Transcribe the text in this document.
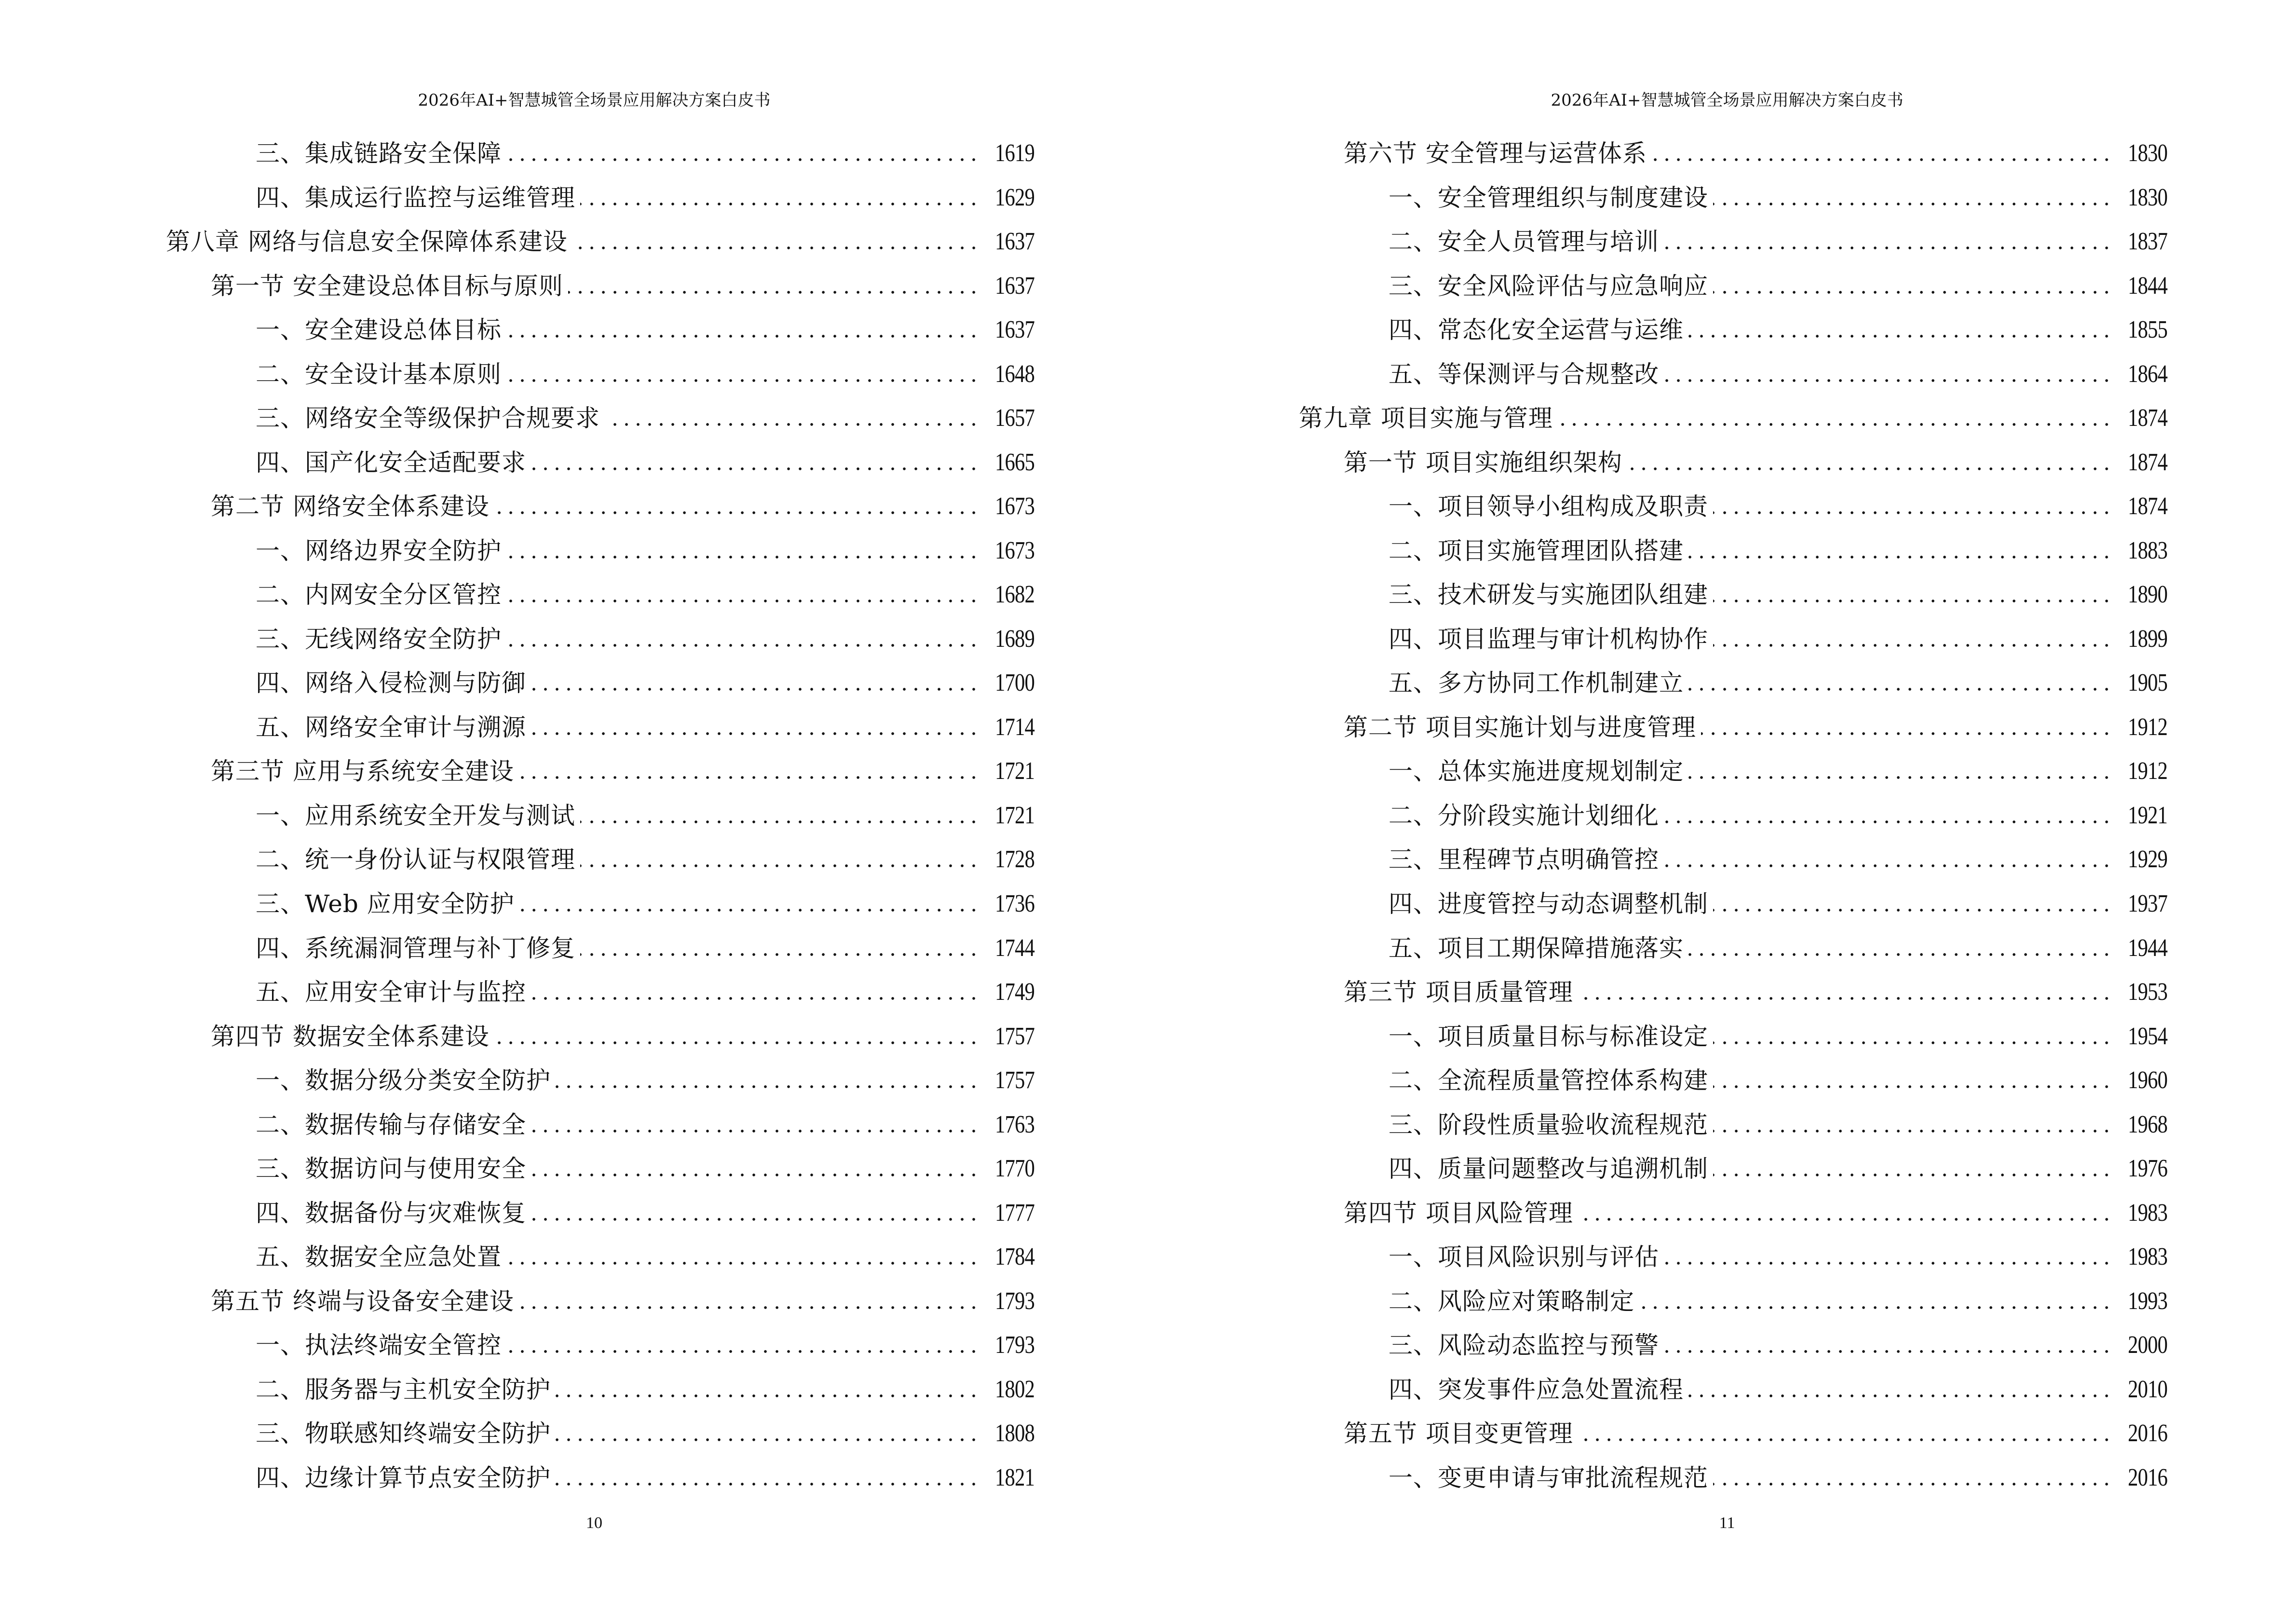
2026年AI+智慧城管全场景应用解决方案白皮书
三、集成链路安全保障	1619
四、集成运行监控与运维管理	1629
第八章 网络与信息安全保障体系建设	1637
第一节 安全建设总体目标与原则	1637
一、安全建设总体目标	1637
二、安全设计基本原则	1648
三、网络安全等级保护合规要求	1657
四、国产化安全适配要求	1665
第二节 网络安全体系建设	1673
一、网络边界安全防护	1673
二、内网安全分区管控	1682
三、无线网络安全防护	1689
四、网络入侵检测与防御	1700
五、网络安全审计与溯源	1714
第三节 应用与系统安全建设	1721
一、应用系统安全开发与测试	1721
二、统一身份认证与权限管理	1728
三、Web 应用安全防护	1736
四、系统漏洞管理与补丁修复	1744
五、应用安全审计与监控	1749
第四节 数据安全体系建设	1757
一、数据分级分类安全防护	1757
二、数据传输与存储安全	1763
三、数据访问与使用安全	1770
四、数据备份与灾难恢复	1777
五、数据安全应急处置	1784
第五节 终端与设备安全建设	1793
一、执法终端安全管控	1793
二、服务器与主机安全防护	1802
三、物联感知终端安全防护	1808
四、边缘计算节点安全防护	1821
10
2026年AI+智慧城管全场景应用解决方案白皮书
第六节 安全管理与运营体系	1830
一、安全管理组织与制度建设	1830
二、安全人员管理与培训	1837
三、安全风险评估与应急响应	1844
四、常态化安全运营与运维	1855
五、等保测评与合规整改	1864
第九章 项目实施与管理	1874
第一节 项目实施组织架构	1874
一、项目领导小组构成及职责	1874
二、项目实施管理团队搭建	1883
三、技术研发与实施团队组建	1890
四、项目监理与审计机构协作	1899
五、多方协同工作机制建立	1905
第二节 项目实施计划与进度管理	1912
一、总体实施进度规划制定	1912
二、分阶段实施计划细化	1921
三、里程碑节点明确管控	1929
四、进度管控与动态调整机制	1937
五、项目工期保障措施落实	1944
第三节 项目质量管理	1953
一、项目质量目标与标准设定	1954
二、全流程质量管控体系构建	1960
三、阶段性质量验收流程规范	1968
四、质量问题整改与追溯机制	1976
第四节 项目风险管理	1983
一、项目风险识别与评估	1983
二、风险应对策略制定	1993
三、风险动态监控与预警	2000
四、突发事件应急处置流程	2010
第五节 项目变更管理	2016
一、变更申请与审批流程规范	2016
11
